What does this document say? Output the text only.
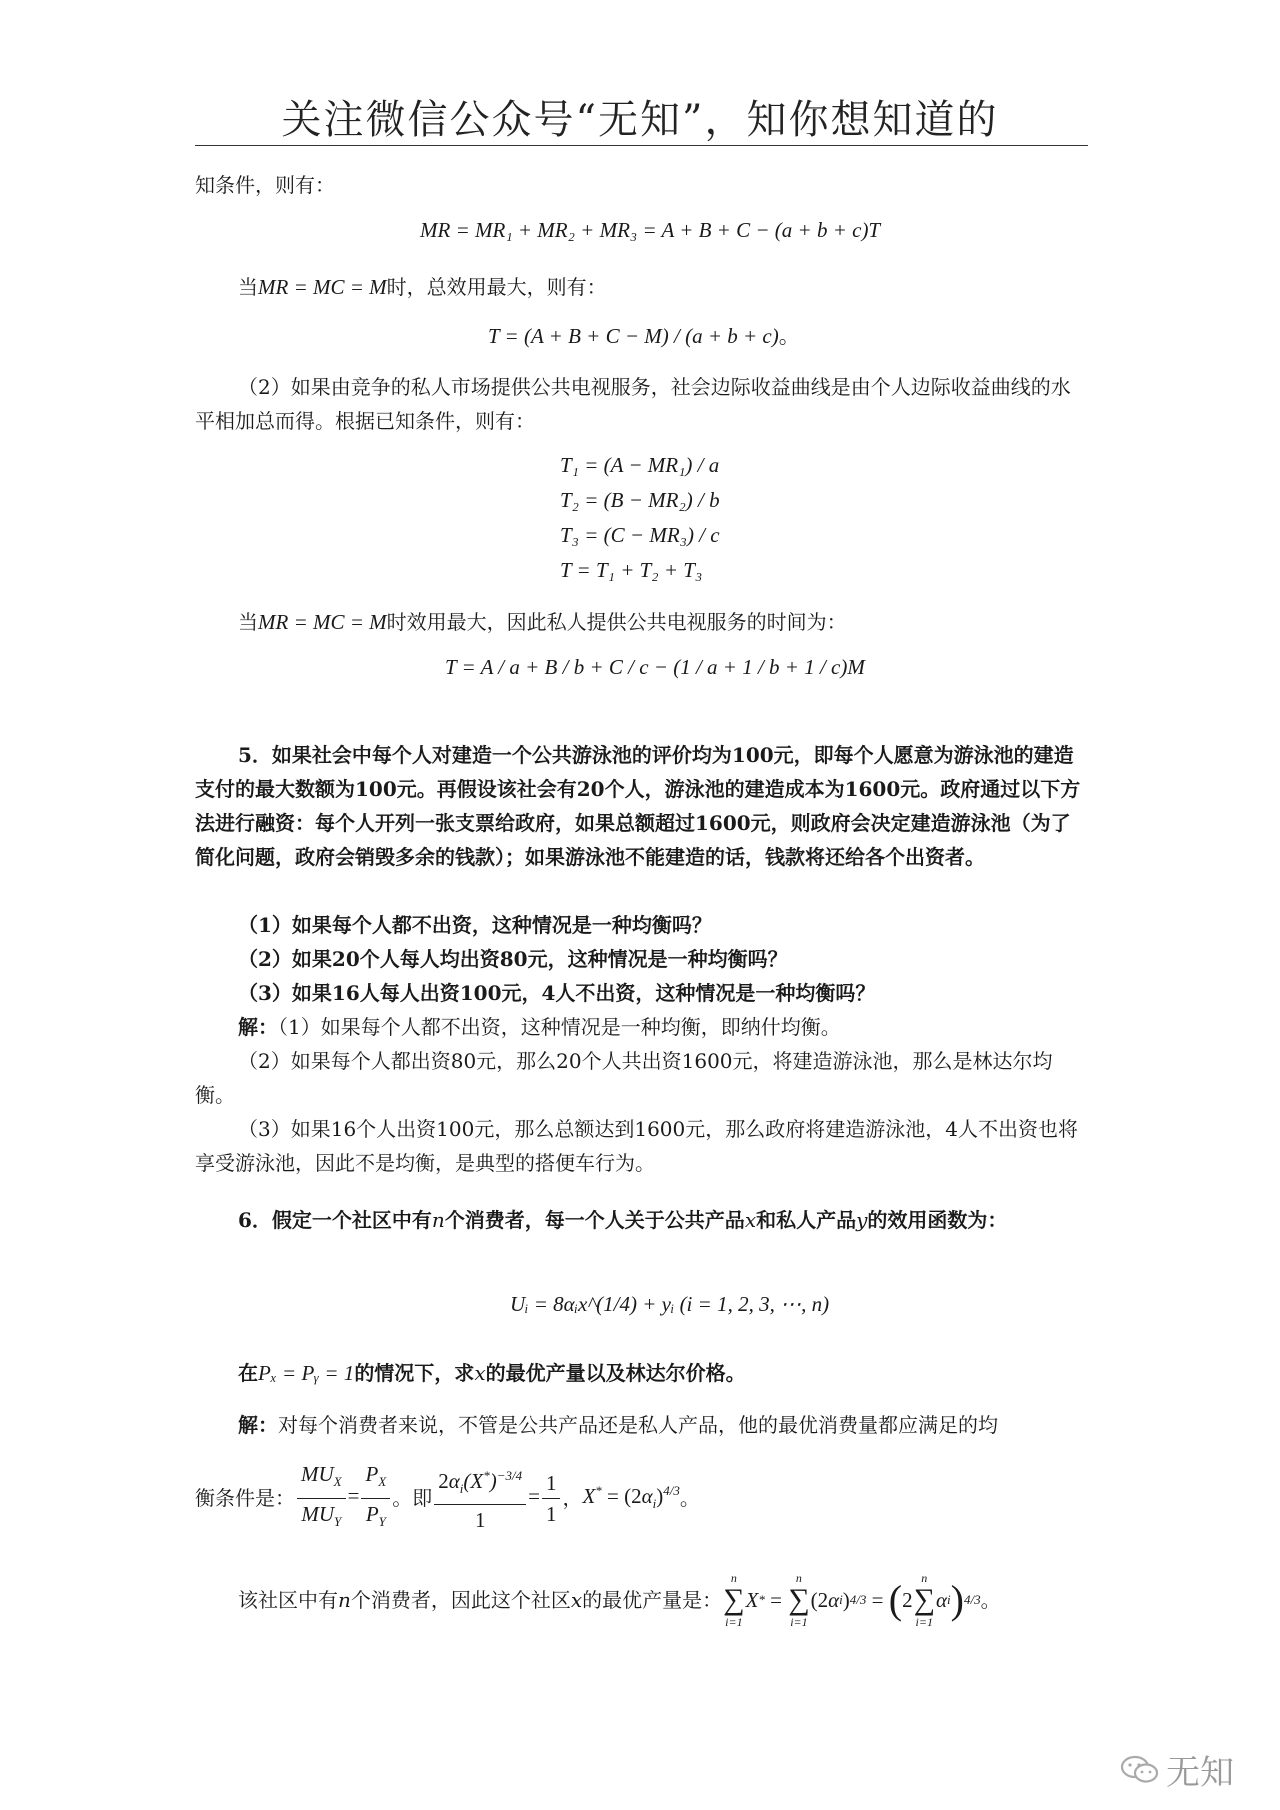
关注微信公众号“无知”，知你想知道的
知条件，则有：
MR = MR₁ + MR₂ + MR₃ = A + B + C − (a + b + c)T
当MR = MC = M时，总效用最大，则有：
T = (A + B + C − M) / (a + b + c)。
（2）如果由竞争的私人市场提供公共电视服务，社会边际收益曲线是由个人边际收益曲线的水平相加总而得。根据已知条件，则有：
T₁ = (A − MR₁) / a
T₂ = (B − MR₂) / b
T₃ = (C − MR₃) / c
T = T₁ + T₂ + T₃
当MR = MC = M时效用最大，因此私人提供公共电视服务的时间为：
T = A / a + B / b + C / c − (1 / a + 1 / b + 1 / c)M
5．如果社会中每个人对建造一个公共游泳池的评价均为100元，即每个人愿意为游泳池的建造支付的最大数额为100元。再假设该社会有20个人，游泳池的建造成本为1600元。政府通过以下方法进行融资：每个人开列一张支票给政府，如果总额超过1600元，则政府会决定建造游泳池（为了简化问题，政府会销毁多余的钱款）；如果游泳池不能建造的话，钱款将还给各个出资者。
（1）如果每个人都不出资，这种情况是一种均衡吗？
（2）如果20个人每人均出资80元，这种情况是一种均衡吗？
（3）如果16人每人出资100元，4人不出资，这种情况是一种均衡吗？
解：（1）如果每个人都不出资，这种情况是一种均衡，即纳什均衡。
（2）如果每个人都出资80元，那么20个人共出资1600元，将建造游泳池，那么是林达尔均衡。
（3）如果16个人出资100元，那么总额达到1600元，那么政府将建造游泳池，4人不出资也将享受游泳池，因此不是均衡，是典型的搭便车行为。
6．假定一个社区中有n个消费者，每一个人关于公共产品x和私人产品y的效用函数为：
Uᵢ = 8αᵢx^(1/4) + yᵢ (i = 1, 2, 3, ⋯, n)
在Pₓ = Pᵧ = 1的情况下，求x的最优产量以及林达尔价格。
解：对每个消费者来说，不管是公共产品还是私人产品，他的最优消费量都应满足的均
衡条件是： $\frac{MU_X}{MU_Y} = \frac{P_X}{P_Y}$ 。即 $\frac{2\alpha_i(X^*)^{-3/4}}{1} = \frac{1}{1}$ ， $X^* = (2\alpha_i)^{4/3}$ 。
该社区中有 n 个消费者，因此这个社区 x 的最优产量是：
n
∑
i=1
X * =
n
∑
i=1
(2 α i ) 4/3 = ( 2
n
∑
i=1
α i ) 4/3 。
无知
